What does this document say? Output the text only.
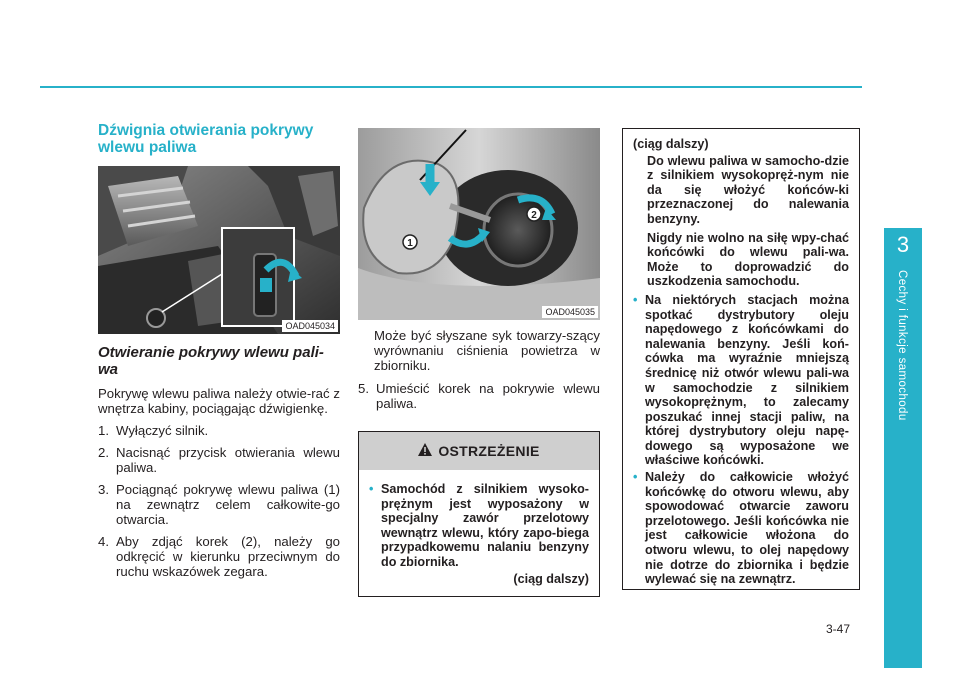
3
Cechy i funkcje samochodu
Dźwignia otwierania pokrywy wlewu paliwa
OAD045034
Otwieranie pokrywy wlewu pali-wa

Pokrywę wlewu paliwa należy otwie-rać z wnętrza kabiny, pociągając dźwigienkę.

1. Wyłączyć silnik.
2. Nacisnąć przycisk otwierania wlewu paliwa.
3. Pociągnąć pokrywę wlewu paliwa (1) na zewnątrz celem całkowite-go otwarcia.
4. Aby zdjąć korek (2), należy go odkręcić w kierunku przeciwnym do ruchu wskazówek zegara.
1
2
OAD045035

Może być słyszane syk towarzy-szący wyrównaniu ciśnienia powietrza w zbiorniku.

5. Umieścić korek na pokrywie wlewu paliwa.

OSTRZEŻENIE
• Samochód z silnikiem wysoko-prężnym jest wyposażony w specjalny zawór przelotowy wewnątrz wlewu, który zapo-biega przypadkowemu nalaniu benzyny do zbiornika.
(ciąg dalszy)
(ciąg dalszy)
Do wlewu paliwa w samocho-dzie z silnikiem wysokopręż-nym nie da się włożyć końców-ki przeznaczonej do nalewania benzyny.
Nigdy nie wolno na siłę wpy-chać końcówki do wlewu pali-wa. Może to doprowadzić do uszkodzenia samochodu.
• Na niektórych stacjach można spotkać dystrybutory oleju napędowego z końcówkami do nalewania benzyny. Jeśli koń-cówka ma wyraźnie mniejszą średnicę niż otwór wlewu pali-wa w samochodzie z silnikiem wysokoprężnym, to zalecamy poszukać innej stacji paliw, na której dystrybutory oleju napę-dowego są wyposażone we właściwe końcówki.
• Należy do całkowicie włożyć końcówkę do otworu wlewu, aby spowodować otwarcie zaworu przelotowego. Jeśli końcówka nie jest całkowicie włożona do otworu wlewu, to olej napędowy nie dotrze do zbiornika i będzie wylewać się na zewnątrz.
3-47
